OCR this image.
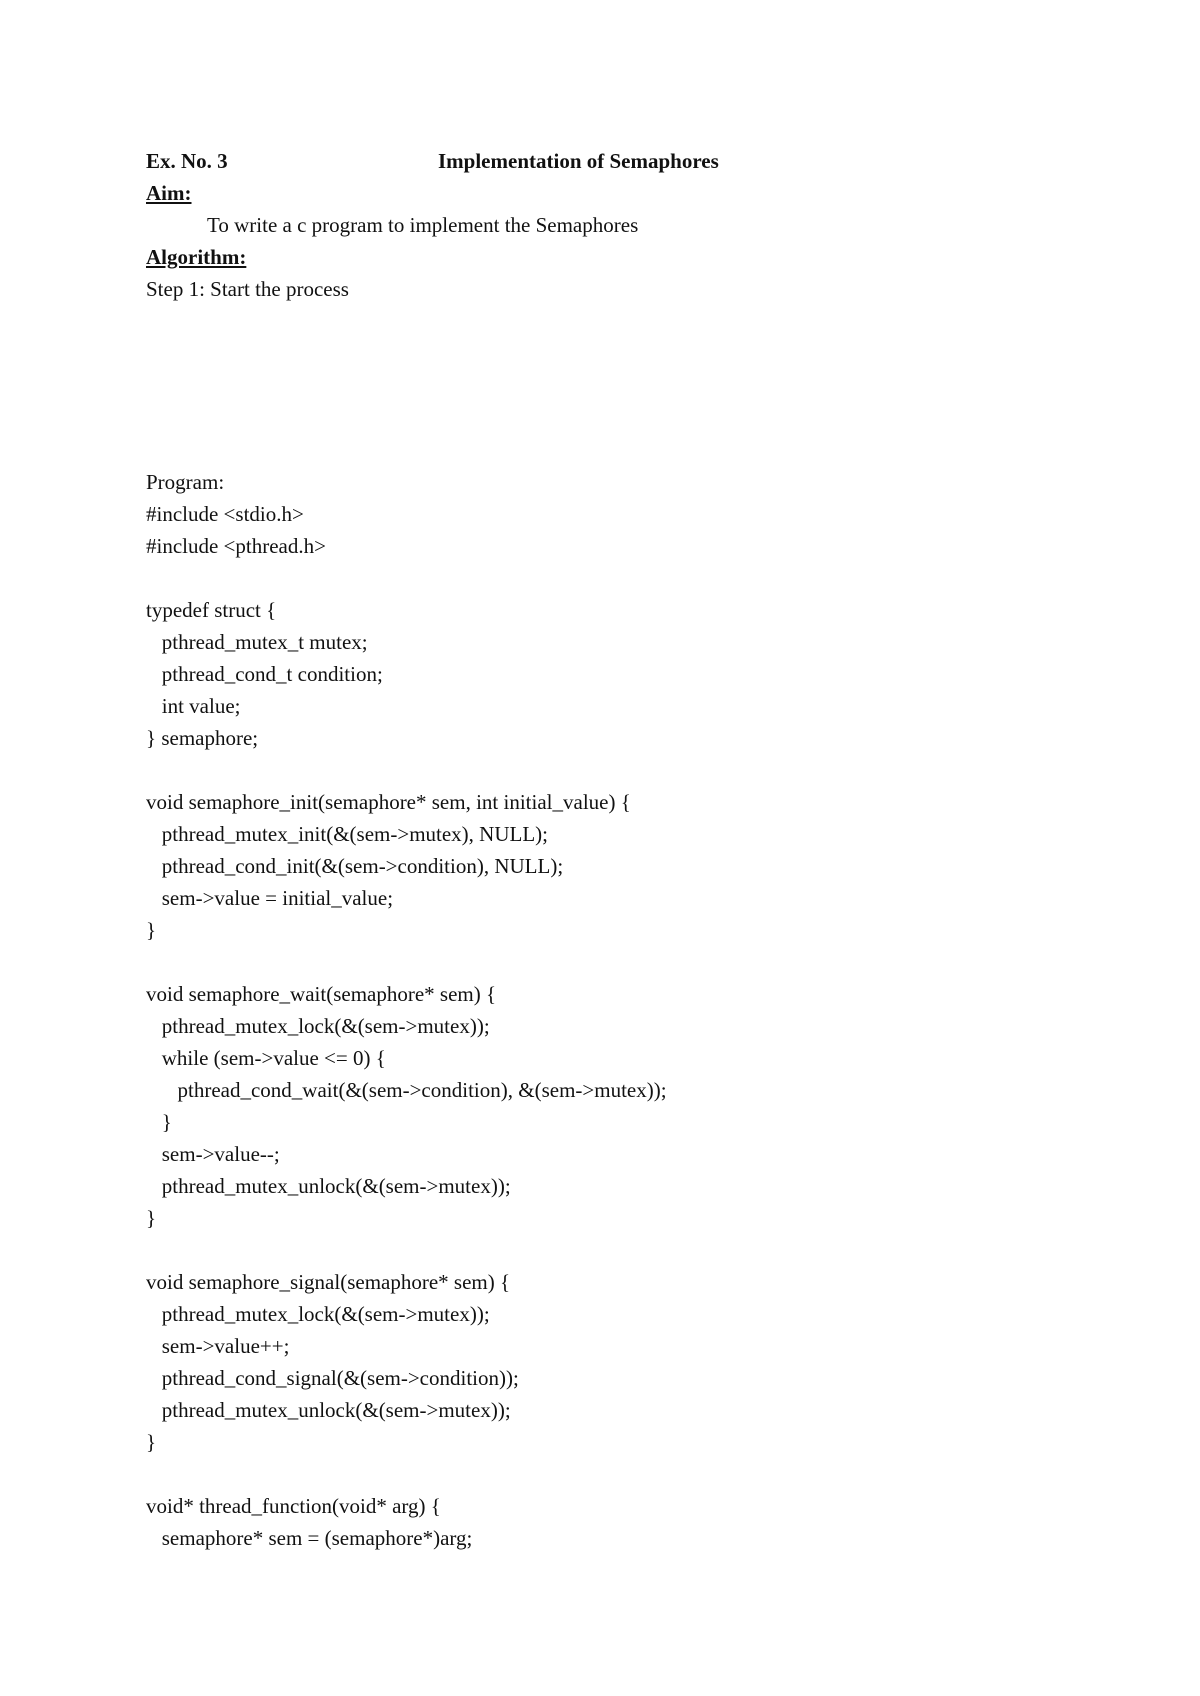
Ex. No. 3	Implementation of Semaphores
Aim:
To write a c program to implement the Semaphores
Algorithm:
Step 1: Start the process
Program:
#include <stdio.h>
#include <pthread.h>
typedef struct {
pthread_mutex_t mutex;
pthread_cond_t condition;
int value;
} semaphore;
void semaphore_init(semaphore* sem, int initial_value) {
pthread_mutex_init(&(sem->mutex), NULL);
pthread_cond_init(&(sem->condition), NULL);
sem->value = initial_value;
}
void semaphore_wait(semaphore* sem) {
pthread_mutex_lock(&(sem->mutex));
while (sem->value <= 0) {
pthread_cond_wait(&(sem->condition), &(sem->mutex));
}
sem->value--;
pthread_mutex_unlock(&(sem->mutex));
}
void semaphore_signal(semaphore* sem) {
pthread_mutex_lock(&(sem->mutex));
sem->value++;
pthread_cond_signal(&(sem->condition));
pthread_mutex_unlock(&(sem->mutex));
}
void* thread_function(void* arg) {
semaphore* sem = (semaphore*)arg;
